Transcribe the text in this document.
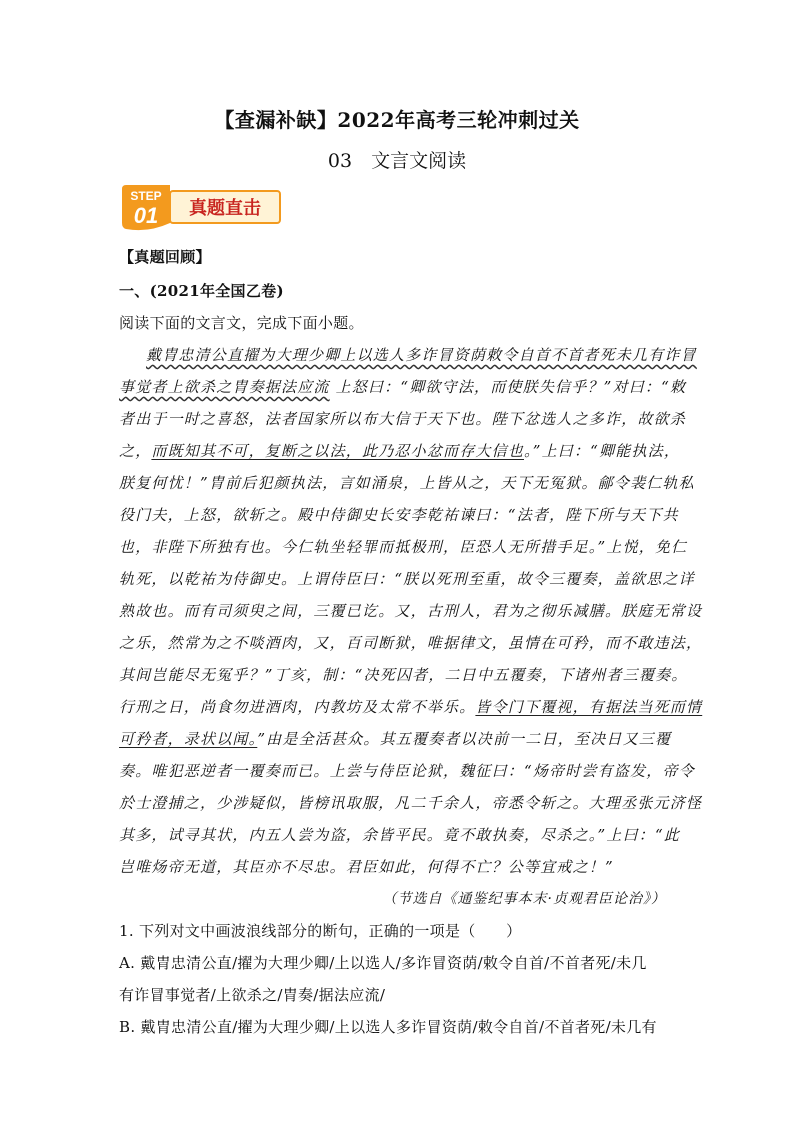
【查漏补缺】2022年高考三轮冲刺过关
03　文言文阅读
STEP
01 真题直击
【真题回顾】
一、(2021年全国乙卷)
阅读下面的文言文，完成下面小题。
戴胄忠清公直擢为大理少卿上以选人多诈冒资荫敕令自首不首者死未几有诈冒
事觉者上欲杀之胄奏据法应流 上怒曰：“卿欲守法，而使朕失信乎？”对曰：“敕
者出于一时之喜怒，法者国家所以布大信于天下也。陛下忿选人之多诈，故欲杀
之，而既知其不可，复断之以法，此乃忍小忿而存大信也。”上曰：“卿能执法，
朕复何忧！”胄前后犯颜执法，言如涌泉，上皆从之，天下无冤狱。鄃令裴仁轨私
役门夫，上怒，欲斩之。殿中侍御史长安李乾祐谏曰：“法者，陛下所与天下共
也，非陛下所独有也。今仁轨坐轻罪而抵极刑，臣恐人无所措手足。”上悦，免仁
轨死，以乾祐为侍御史。上谓侍臣曰：“朕以死刑至重，故令三覆奏，盖欲思之详
熟故也。而有司须臾之间，三覆已讫。又，古刑人，君为之彻乐减膳。朕庭无常设
之乐，然常为之不啖酒肉，又，百司断狱，唯据律文，虽情在可矜，而不敢违法，
其间岂能尽无冤乎？”丁亥，制：“决死囚者，二日中五覆奏，下诸州者三覆奏。
行刑之日，尚食勿进酒肉，内教坊及太常不举乐。皆令门下覆视，有据法当死而情
可矜者，录状以闻。”由是全活甚众。其五覆奏者以决前一二日，至决日又三覆
奏。唯犯恶逆者一覆奏而已。上尝与侍臣论狱，魏征曰：“炀帝时尝有盗发，帝令
於士澄捕之，少涉疑似，皆榜讯取服，凡二千余人，帝悉令斩之。大理丞张元济怪
其多，试寻其状，内五人尝为盗，余皆平民。竟不敢执奏，尽杀之。”上曰：“此
岂唯炀帝无道，其臣亦不尽忠。君臣如此，何得不亡？公等宜戒之！”
（节选自《通鉴纪事本末·贞观君臣论治》）
1. 下列对文中画波浪线部分的断句，正确的一项是（　　）
A. 戴胄忠清公直/擢为大理少卿/上以选人/多诈冒资荫/敕令自首/不首者死/未几
有诈冒事觉者/上欲杀之/胄奏/据法应流/
B. 戴胄忠清公直/擢为大理少卿/上以选人多诈冒资荫/敕令自首/不首者死/未几有
